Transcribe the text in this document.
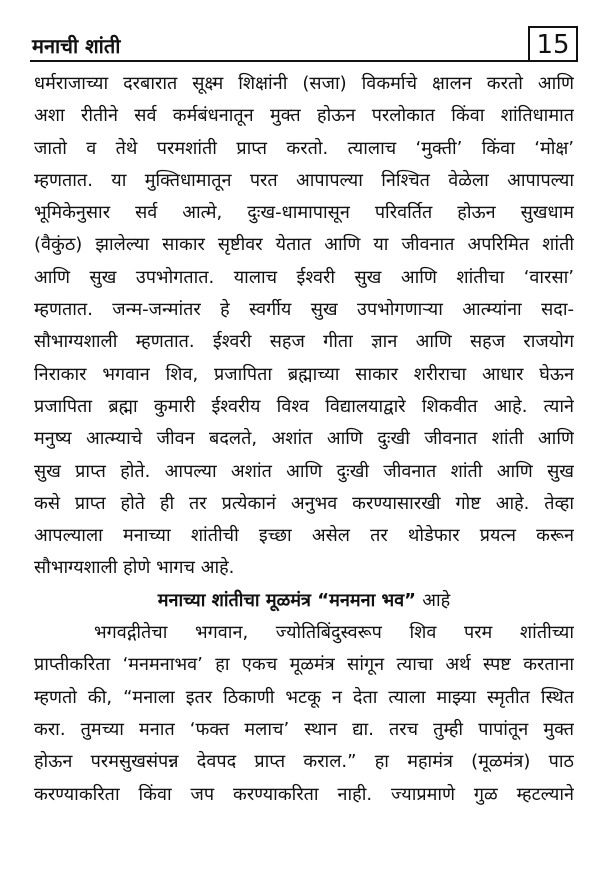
मनाची शांती	15
धर्मराजाच्या दरबारात सूक्ष्म शिक्षांनी (सजा) विकर्माचे क्षालन करतो आणि
अशा रीतीने सर्व कर्मबंधनातून मुक्त होऊन परलोकात किंवा शांतिधामात
जातो व तेथे परमशांती प्राप्त करतो. त्यालाच ‘मुक्ती’ किंवा ‘मोक्ष’
म्हणतात. या मुक्तिधामातून परत आपापल्या निश्चित वेळेला आपापल्या
भूमिकेनुसार सर्व आत्मे, दुःख-धामापासून परिवर्तित होऊन सुखधाम
(वैकुंठ) झालेल्या साकार सृष्टीवर येतात आणि या जीवनात अपरिमित शांती
आणि सुख उपभोगतात. यालाच ईश्वरी सुख आणि शांतीचा ‘वारसा’
म्हणतात. जन्म-जन्मांतर हे स्वर्गीय सुख उपभोगणाऱ्या आत्म्यांना सदा-
सौभाग्यशाली म्हणतात. ईश्वरी सहज गीता ज्ञान आणि सहज राजयोग
निराकार भगवान शिव, प्रजापिता ब्रह्माच्या साकार शरीराचा आधार घेऊन
प्रजापिता ब्रह्मा कुमारी ईश्वरीय विश्व विद्यालयाद्वारे शिकवीत आहे. त्याने
मनुष्य आत्म्याचे जीवन बदलते, अशांत आणि दुःखी जीवनात शांती आणि
सुख प्राप्त होते. आपल्या अशांत आणि दुःखी जीवनात शांती आणि सुख
कसे प्राप्त होते ही तर प्रत्येकानं अनुभव करण्यासारखी गोष्ट आहे. तेव्हा
आपल्याला मनाच्या शांतीची इच्छा असेल तर थोडेफार प्रयत्न करून
सौभाग्यशाली होणे भागच आहे.
मनाच्या शांतीचा मूळमंत्र “मनमना भव” आहे
भगवद्गीतेचा भगवान, ज्योतिबिंदुस्वरूप शिव परम शांतीच्या
प्राप्तीकरिता ‘मनमनाभव’ हा एकच मूळमंत्र सांगून त्याचा अर्थ स्पष्ट करताना
म्हणतो की, “मनाला इतर ठिकाणी भटकू न देता त्याला माझ्या स्मृतीत स्थित
करा. तुमच्या मनात ‘फक्त मलाच’ स्थान द्या. तरच तुम्ही पापांतून मुक्त
होऊन परमसुखसंपन्न देवपद प्राप्त कराल.” हा महामंत्र (मूळमंत्र) पाठ
करण्याकरिता किंवा जप करण्याकरिता नाही. ज्याप्रमाणे गुळ म्हटल्याने
